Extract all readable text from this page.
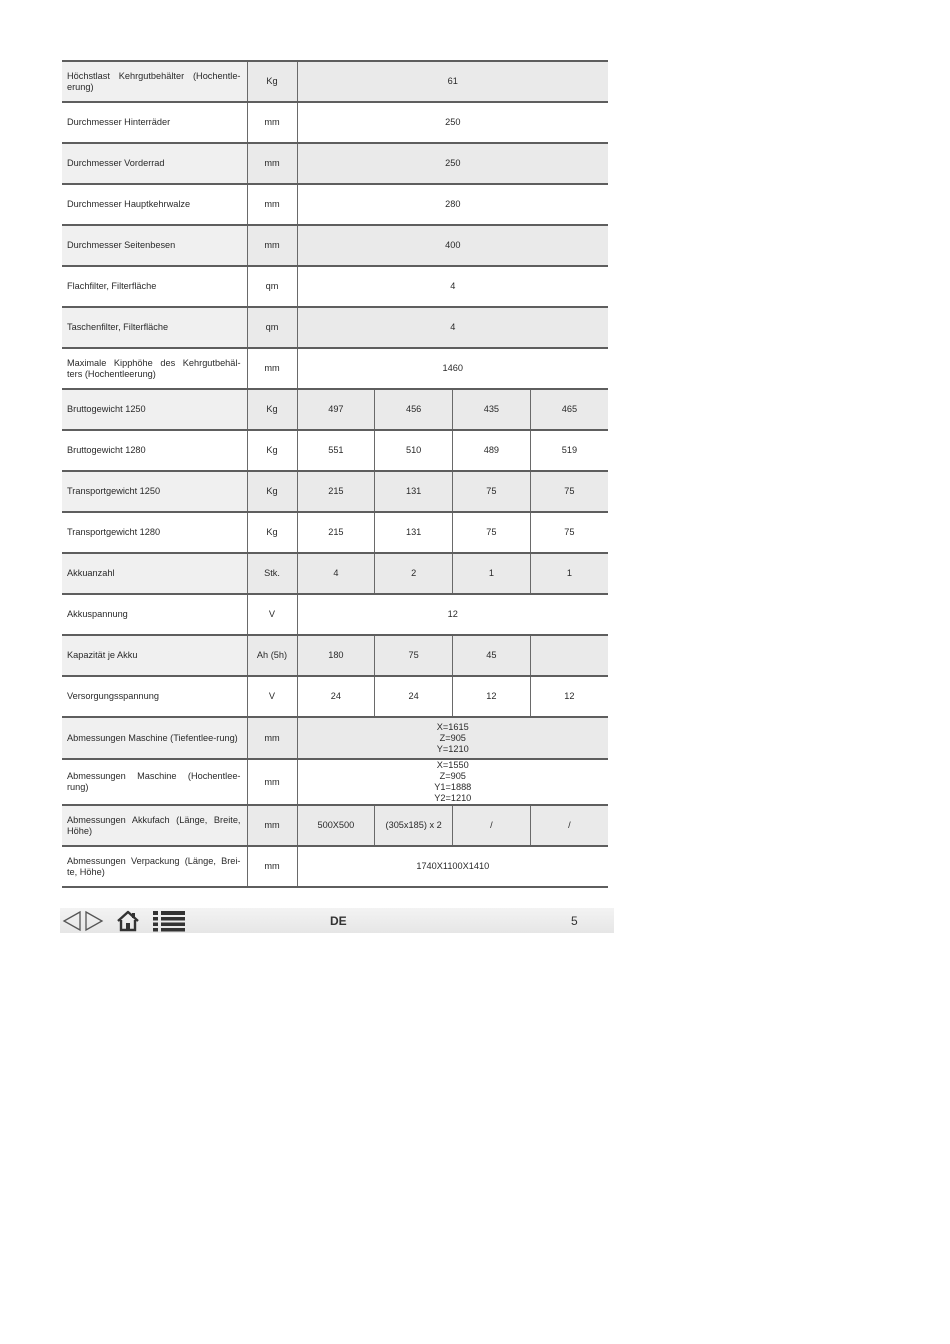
Höchstlast Kehrgutbehälter (Hochentle-erung)	Kg	61			
Durchmesser Hinterräder	mm	250			
Durchmesser Vorderrad	mm	250			
Durchmesser Hauptkehrwalze	mm	280			
Durchmesser Seitenbesen	mm	400			
Flachfilter, Filterfläche	qm	4			
Taschenfilter, Filterfläche	qm	4			
Maximale Kipphöhe des Kehrgutbehäl-ters (Hochentleerung)	mm	1460			
Bruttogewicht 1250	Kg	497	456	435	465
Bruttogewicht 1280	Kg	551	510	489	519
Transportgewicht 1250	Kg	215	131	75	75
Transportgewicht 1280	Kg	215	131	75	75
Akkuanzahl	Stk.	4	2	1	1
Akkuspannung	V	12			
Kapazität je Akku	Ah (5h)	180	75	45	
Versorgungsspannung	V	24	24	12	12
Abmessungen Maschine (Tiefentlee-rung)	mm	X=1615
Z=905
Y=1210			

Abmessungen Maschine (Hochentlee-rung)	mm	X=1550
Z=905
Y1=1888
Y2=1210			

Abmessungen Akkufach (Länge, Breite, Höhe)	mm	500X500	(305x185) x 2	/	/
Abmessungen Verpackung (Länge, Brei-te, Höhe)	mm	1740X1100X1410			
DE	5
